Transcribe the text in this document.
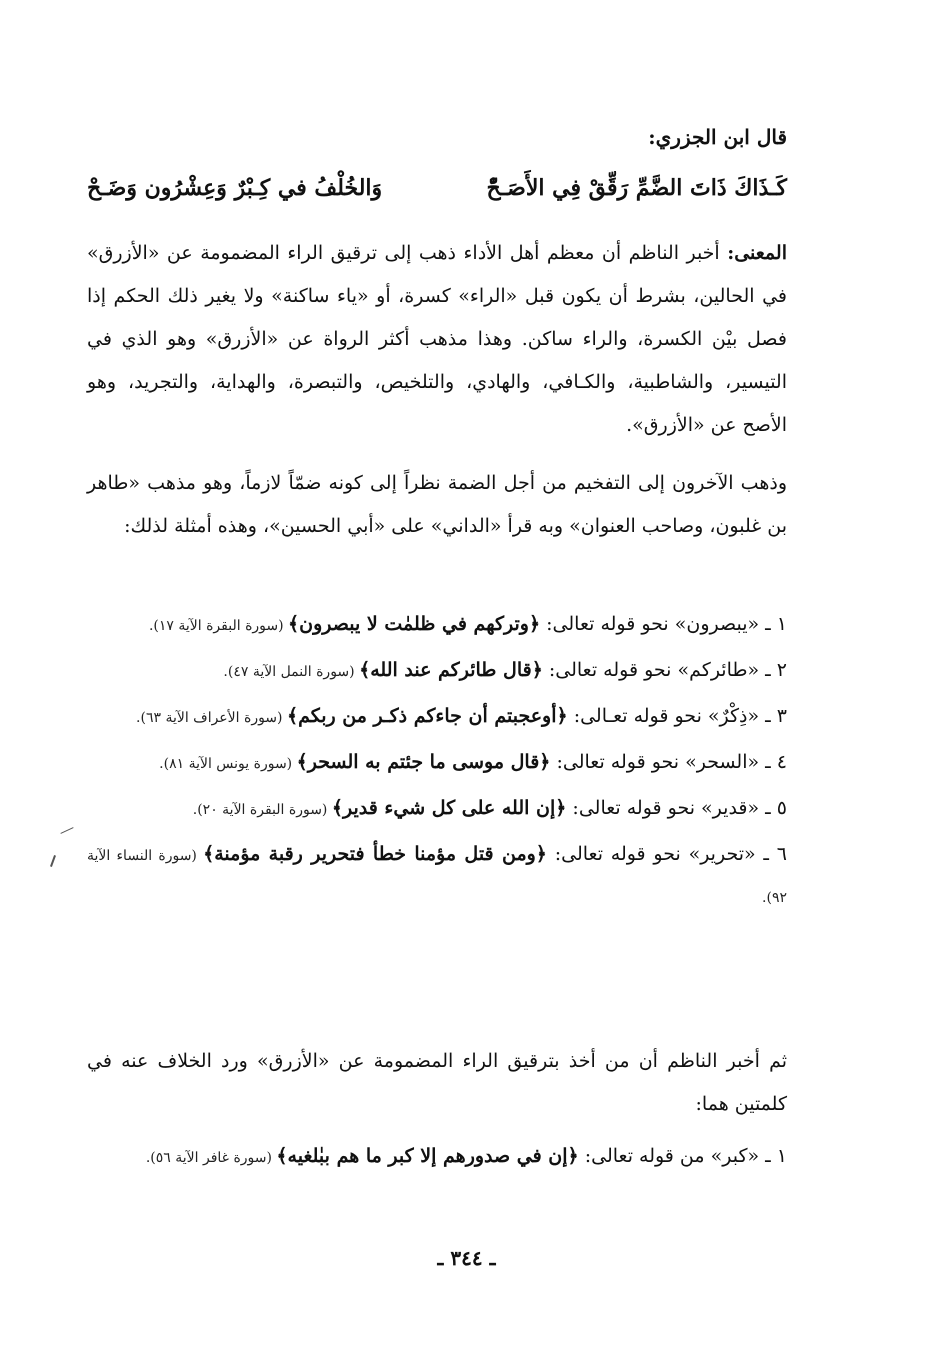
قال ابن الجزري:
كَـذَاكَ ذَاتَ الضَّمِّ رَقِّقْ فِي الأَصَـحّْ
وَالخُلْفُ في كِـبْرٌ وَعِشْرُون وَضَـحْ
المعنى: أخبر الناظم أن معظم أهل الأداء ذهب إلى ترقيق الراء المضمومة عن «الأزرق» في الحالين، بشرط أن يكون قبل «الراء» كسرة، أو «ياء ساكنة» ولا يغير ذلك الحكم إذا فصل بيْن الكسرة، والراء ساكن. وهذا مذهب أكثر الرواة عن «الأزرق» وهو الذي في التيسير، والشاطبية، والكـافي، والهادي، والتلخيص، والتبصرة، والهداية، والتجريد، وهو الأصح عن «الأزرق».
وذهب الآخرون إلى التفخيم من أجل الضمة نظراً إلى كونه ضمّاً لازماً، وهو مذهب «طاهر بن غلبون، وصاحب العنوان» وبه قرأ «الداني» على «أبي الحسين»، وهذه أمثلة لذلك:
١ ـ «يبصرون» نحو قوله تعالى: ﴿وتركهم في ظلمٰت لا يبصرون﴾ (سورة البقرة الآية ١٧).
٢ ـ «طائركم» نحو قوله تعالى: ﴿قال طائركم عند الله﴾ (سورة النمل الآية ٤٧).
٣ ـ «ذِكْرٌ» نحو قوله تعـالى: ﴿أوعجبتم أن جاءكم ذكـر من ربكم﴾ (سورة الأعراف الآية ٦٣).
٤ ـ «السحر» نحو قوله تعالى: ﴿قال موسى ما جئتم به السحر﴾ (سورة يونس الآية ٨١).
٥ ـ «قدير» نحو قوله تعالى: ﴿إن الله على كل شيء قدير﴾ (سورة البقرة الآية ٢٠).
٦ ـ «تحرير» نحو قوله تعالى: ﴿ومن قتل مؤمنا خطأ فتحرير رقبة مؤمنة﴾ (سورة النساء الآية ٩٢).
ثم أخبر الناظم أن من أخذ بترقيق الراء المضمومة عن «الأزرق» ورد الخلاف عنه في كلمتين هما:
١ ـ «كبر» من قوله تعالى: ﴿إن في صدورهم إلا كبر ما هم ببٰلغيه﴾ (سورة غافر الآية ٥٦).
ـ ٣٤٤ ـ
